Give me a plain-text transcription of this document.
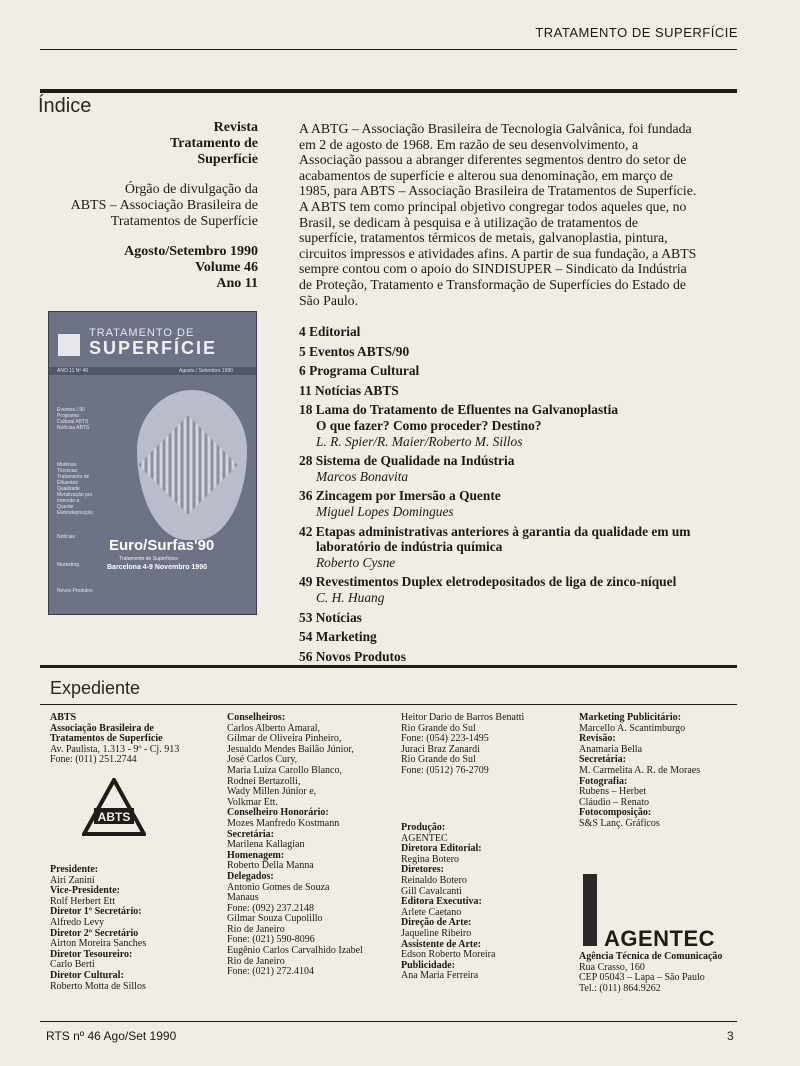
TRATAMENTO DE SUPERFÍCIE
Índice
Revista
Tratamento de
Superfície
Órgão de divulgação da
ABTS – Associação Brasileira de
Tratamentos de Superfície
Agosto/Setembro 1990
Volume 46
Ano 11

A ABTG – Associação Brasileira de Tecnologia Galvânica, foi fundada em 2 de agosto de 1968. Em razão de seu desenvolvimento, a Associação passou a abranger diferentes segmentos dentro do setor de acabamentos de superfície e alterou sua denominação, em março de 1985, para ABTS – Associação Brasileira de Tratamentos de Superfície.

A ABTS tem como principal objetivo congregar todos aqueles que, no Brasil, se dedicam à pesquisa e à utilização de tratamentos de superfície, tratamentos térmicos de metais, galvanoplastia, pintura, circuitos impressos e atividades afins. A partir de sua fundação, a ABTS sempre contou com o apoio do SINDISUPER – Sindicato da Indústria de Proteção, Tratamento e Transformação de Superfícies do Estado de São Paulo.

TRATAMENTO DE
SUPERFÍCIE
ANO 11 Nº 46	Agosto / Setembro 1990
Eventos / 90 Programa Cultural ABTS Notícias ABTS
Matérias Técnicas: Tratamento de Efluentes Qualidade Metalização por Imersão a Quente Eletrodeposição
Notícias
Marketing
Novos Produtos
Euro/Surfas'90
Tratamento de Superfícies
Barcelona 4-9 Novembro 1990
4 Editorial
5 Eventos ABTS/90
6 Programa Cultural
11 Notícias ABTS
18 Lama do Tratamento de Efluentes na Galvanoplastia
O que fazer? Como proceder? Destino?
L. R. Spier/R. Maier/Roberto M. Sillos
28 Sistema de Qualidade na Indústria
Marcos Bonavita
36 Zincagem por Imersão a Quente
Miguel Lopes Domingues
42 Etapas administrativas anteriores à garantia da qualidade em um
laboratório de indústria química
Roberto Cysne
49 Revestimentos Duplex eletrodepositados de liga de zinco-níquel
C. H. Huang
53 Notícias
54 Marketing
56 Novos Produtos
Expediente
ABTS
Associação Brasileira de
Tratamentos de Superfície
Av. Paulista, 1.313 - 9º - Cj. 913
Fone: (011) 251.2744
ABTS
Presidente:
Airi Zanini
Vice-Presidente:
Rolf Herbert Ett
Diretor 1º Secretário:
Alfredo Levy
Diretor 2º Secretário
Airton Moreira Sanches
Diretor Tesoureiro:
Carlo Berti
Diretor Cultural:
Roberto Motta de Sillos
Conselheiros:
Carlos Alberto Amaral,
Gilmar de Oliveira Pinheiro,
Jesualdo Mendes Bailão Júnior,
José Carlos Cury,
Maria Luiza Carollo Blanco,
Rodnei Bertazolli,
Wady Millen Júnior e,
Volkmar Ett.
Conselheiro Honorário:
Mozes Manfredo Kostmann
Secretária:
Marilena Kallagian
Homenagem:
Roberto Della Manna
Delegados:
Antonio Gomes de Souza
Manaus
Fone: (092) 237.2148
Gilmar Souza Cupolillo
Rio de Janeiro
Fone: (021) 590-8096
Eugênio Carlos Carvalhido Izabel
Rio de Janeiro
Fone: (021) 272.4104
Heitor Dario de Barros Benatti
Rio Grande do Sul
Fone: (054) 223-1495
Juraci Braz Zanardi
Rio Grande do Sul
Fone: (0512) 76-2709
Produção:
AGENTEC
Diretora Editorial:
Regina Botero
Diretores:
Reinaldo Botero
Gill Cavalcanti
Editora Executiva:
Arlete Caetano
Direção de Arte:
Jaqueline Ribeiro
Assistente de Arte:
Edson Roberto Moreira
Publicidade:
Ana Maria Ferreira
Marketing Publicitário:
Marcello A. Scantimburgo
Revisão:
Anamaria Bella
Secretária:
M. Carmelita A. R. de Moraes
Fotografia:
Rubens – Herbet
Cláudio – Renato
Fotocomposição:
S&S Lanç. Gráficos
AGENTEC
Agência Técnica de Comunicação
Rua Crasso, 160
CEP 05043 – Lapa – São Paulo
Tel.: (011) 864.9262
RTS nº 46 Ago/Set 1990	3
